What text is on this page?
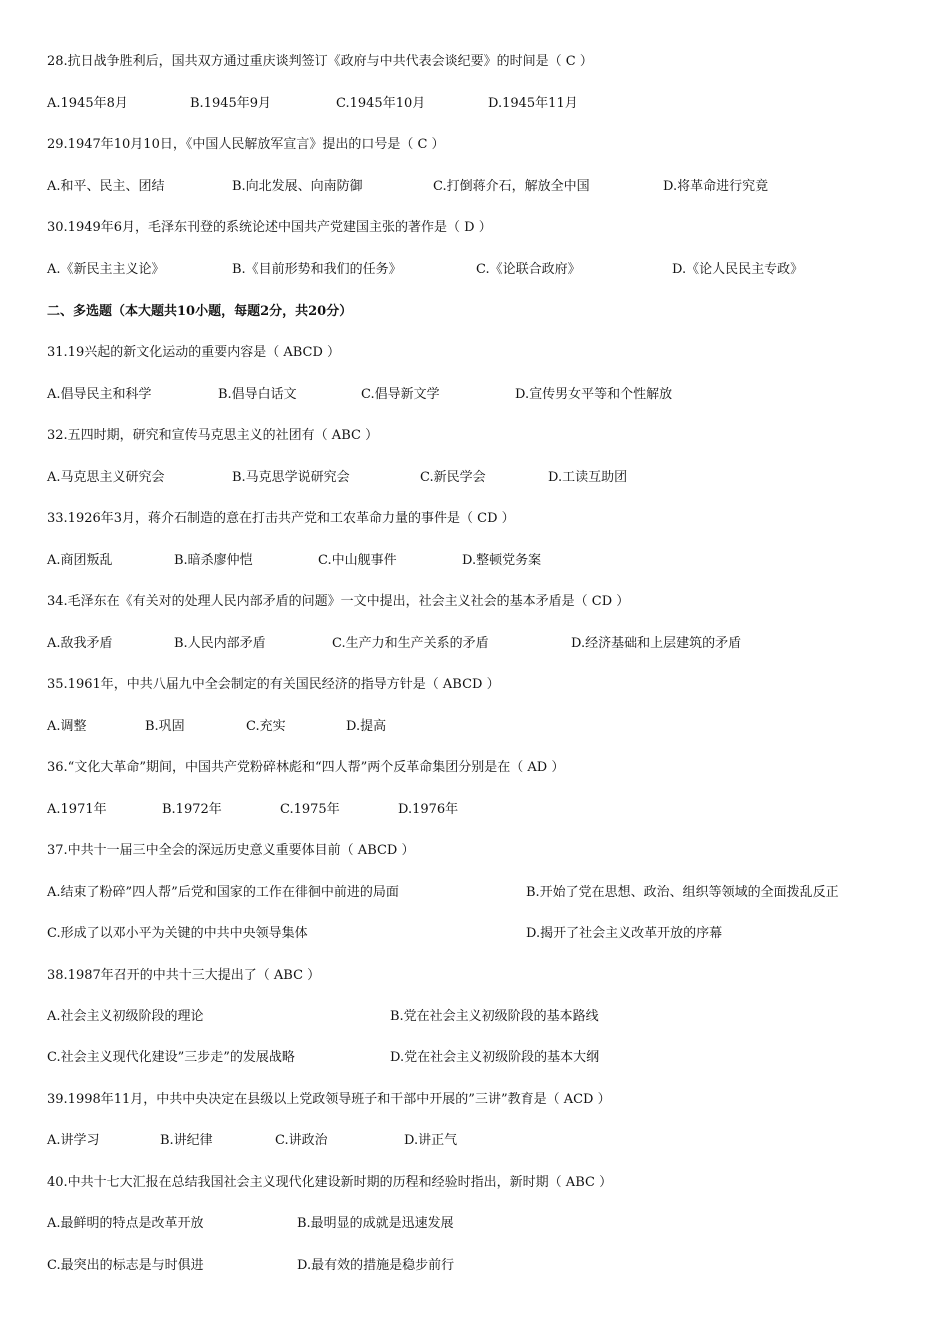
28.抗日战争胜利后，国共双方通过重庆谈判签订《政府与中共代表会谈纪要》的时间是（ C ）
A.1945年8月	B.1945年9月	C.1945年10月	D.1945年11月
29.1947年10月10日，《中国人民解放军宣言》提出的口号是（ C ）
A.和平、民主、团结	B.向北发展、向南防御	C.打倒蒋介石，解放全中国	D.将革命进行究竟
30.1949年6月，毛泽东刊登的系统论述中国共产党建国主张的著作是（ D ）
A.《新民主主义论》	B.《目前形势和我们的任务》	C.《论联合政府》	D.《论人民民主专政》
二、多选题（本大题共10小题，每题2分，共20分）
31.19兴起的新文化运动的重要内容是（ ABCD ）
A.倡导民主和科学	B.倡导白话文	C.倡导新文学	D.宣传男女平等和个性解放
32.五四时期，研究和宣传马克思主义的社团有（ ABC ）
A.马克思主义研究会	B.马克思学说研究会	C.新民学会	D.工读互助团
33.1926年3月，蒋介石制造的意在打击共产党和工农革命力量的事件是（ CD ）
A.商团叛乱	B.暗杀廖仲恺	C.中山舰事件	D.整顿党务案
34.毛泽东在《有关对的处理人民内部矛盾的问题》一文中提出，社会主义社会的基本矛盾是（ CD ）
A.敌我矛盾	B.人民内部矛盾	C.生产力和生产关系的矛盾	D.经济基础和上层建筑的矛盾
35.1961年，中共八届九中全会制定的有关国民经济的指导方针是（ ABCD ）
A.调整	B.巩固	C.充实	D.提高
36.“文化大革命”期间，中国共产党粉碎林彪和“四人帮”两个反革命集团分别是在（ AD ）
A.1971年	B.1972年	C.1975年	D.1976年
37.中共十一届三中全会的深远历史意义重要体目前（ ABCD ）
A.结束了粉碎”四人帮”后党和国家的工作在徘徊中前进的局面	B.开始了党在思想、政治、组织等领域的全面拨乱反正
C.形成了以邓小平为关键的中共中央领导集体	D.揭开了社会主义改革开放的序幕
38.1987年召开的中共十三大提出了（ ABC ）
A.社会主义初级阶段的理论	B.党在社会主义初级阶段的基本路线
C.社会主义现代化建设”三步走”的发展战略	D.党在社会主义初级阶段的基本大纲
39.1998年11月，中共中央决定在县级以上党政领导班子和干部中开展的”三讲”教育是（ ACD ）
A.讲学习	B.讲纪律	C.讲政治	D.讲正气
40.中共十七大汇报在总结我国社会主义现代化建设新时期的历程和经验时指出，新时期（ ABC ）
A.最鲜明的特点是改革开放	B.最明显的成就是迅速发展
C.最突出的标志是与时俱进	D.最有效的措施是稳步前行
